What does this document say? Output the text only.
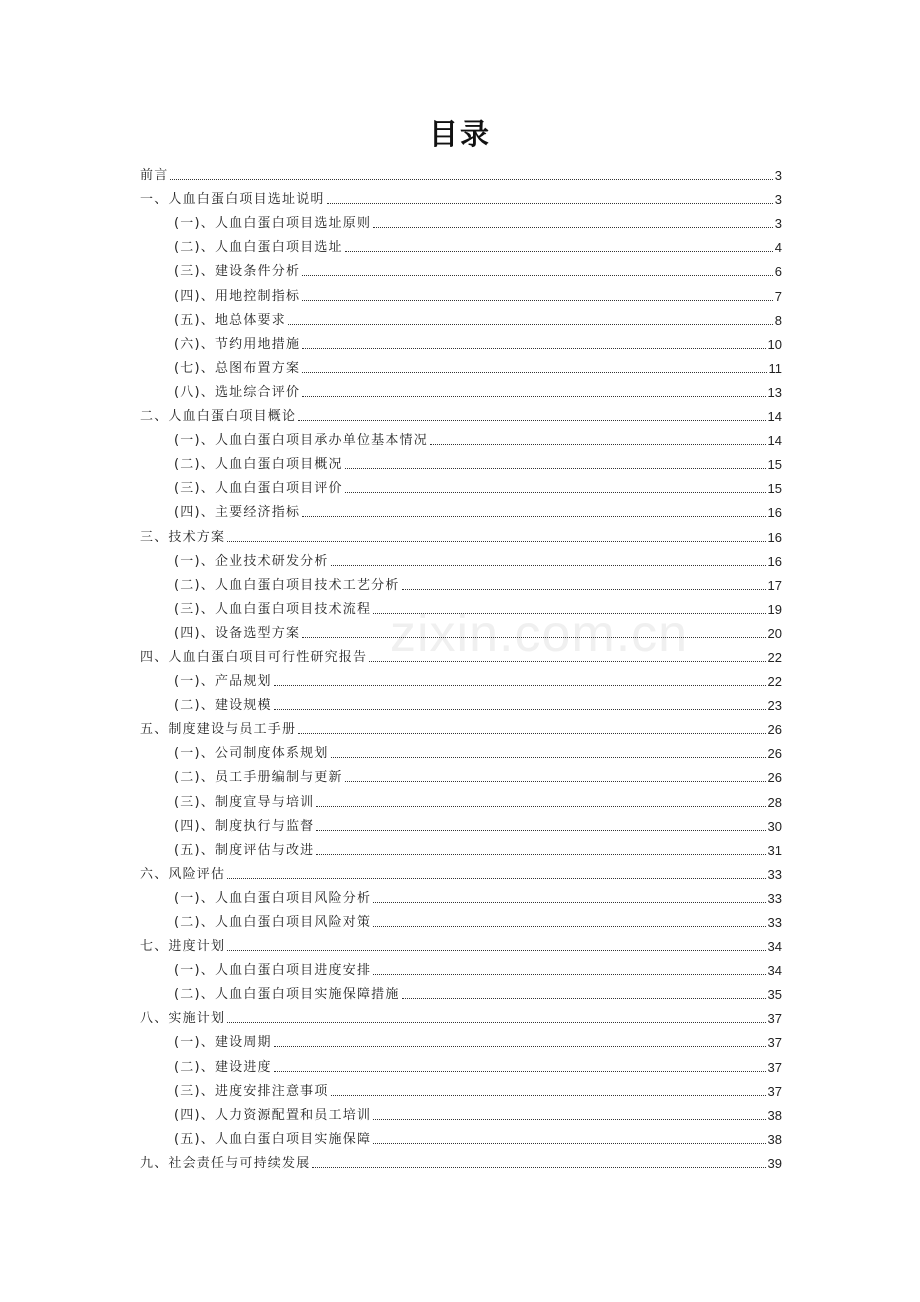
目录
zixin.com.cn
前言	3
一、人血白蛋白项目选址说明	3
(一)、人血白蛋白项目选址原则	3
(二)、人血白蛋白项目选址	4
(三)、建设条件分析	6
(四)、用地控制指标	7
(五)、地总体要求	8
(六)、节约用地措施	10
(七)、总图布置方案	11
(八)、选址综合评价	13
二、人血白蛋白项目概论	14
(一)、人血白蛋白项目承办单位基本情况	14
(二)、人血白蛋白项目概况	15
(三)、人血白蛋白项目评价	15
(四)、主要经济指标	16
三、技术方案	16
(一)、企业技术研发分析	16
(二)、人血白蛋白项目技术工艺分析	17
(三)、人血白蛋白项目技术流程	19
(四)、设备选型方案	20
四、人血白蛋白项目可行性研究报告	22
(一)、产品规划	22
(二)、建设规模	23
五、制度建设与员工手册	26
(一)、公司制度体系规划	26
(二)、员工手册编制与更新	26
(三)、制度宣导与培训	28
(四)、制度执行与监督	30
(五)、制度评估与改进	31
六、风险评估	33
(一)、人血白蛋白项目风险分析	33
(二)、人血白蛋白项目风险对策	33
七、进度计划	34
(一)、人血白蛋白项目进度安排	34
(二)、人血白蛋白项目实施保障措施	35
八、实施计划	37
(一)、建设周期	37
(二)、建设进度	37
(三)、进度安排注意事项	37
(四)、人力资源配置和员工培训	38
(五)、人血白蛋白项目实施保障	38
九、社会责任与可持续发展	39
